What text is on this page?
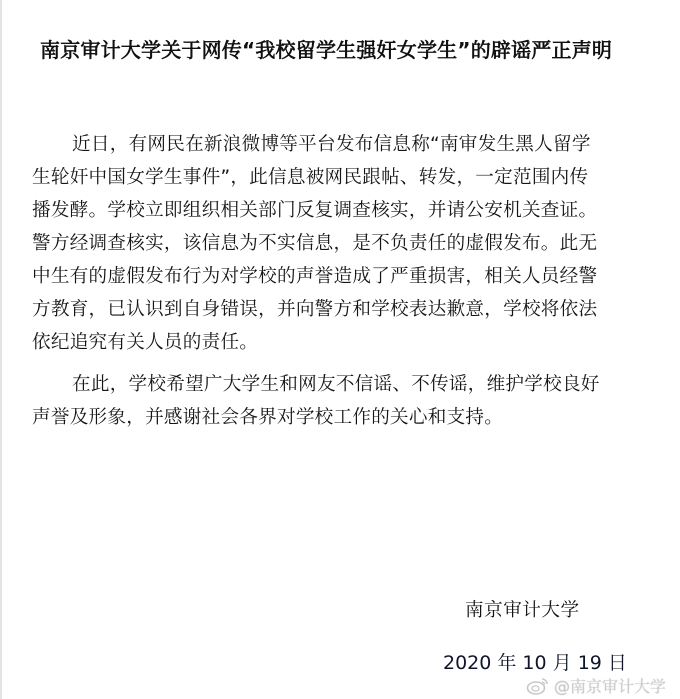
南京审计大学关于网传“我校留学生强奸女学生”的辟谣严正声明
近日，有网民在新浪微博等平台发布信息称“南审发生黑人留学
生轮奸中国女学生事件”，此信息被网民跟帖、转发，一定范围内传
播发酵。学校立即组织相关部门反复调查核实，并请公安机关查证。
警方经调查核实，该信息为不实信息，是不负责任的虚假发布。此无
中生有的虚假发布行为对学校的声誉造成了严重损害，相关人员经警
方教育，已认识到自身错误，并向警方和学校表达歉意，学校将依法
依纪追究有关人员的责任。
在此，学校希望广大学生和网友不信谣、不传谣，维护学校良好
声誉及形象，并感谢社会各界对学校工作的关心和支持。
南京审计大学
2020 年 10 月 19 日
@南京审计大学
